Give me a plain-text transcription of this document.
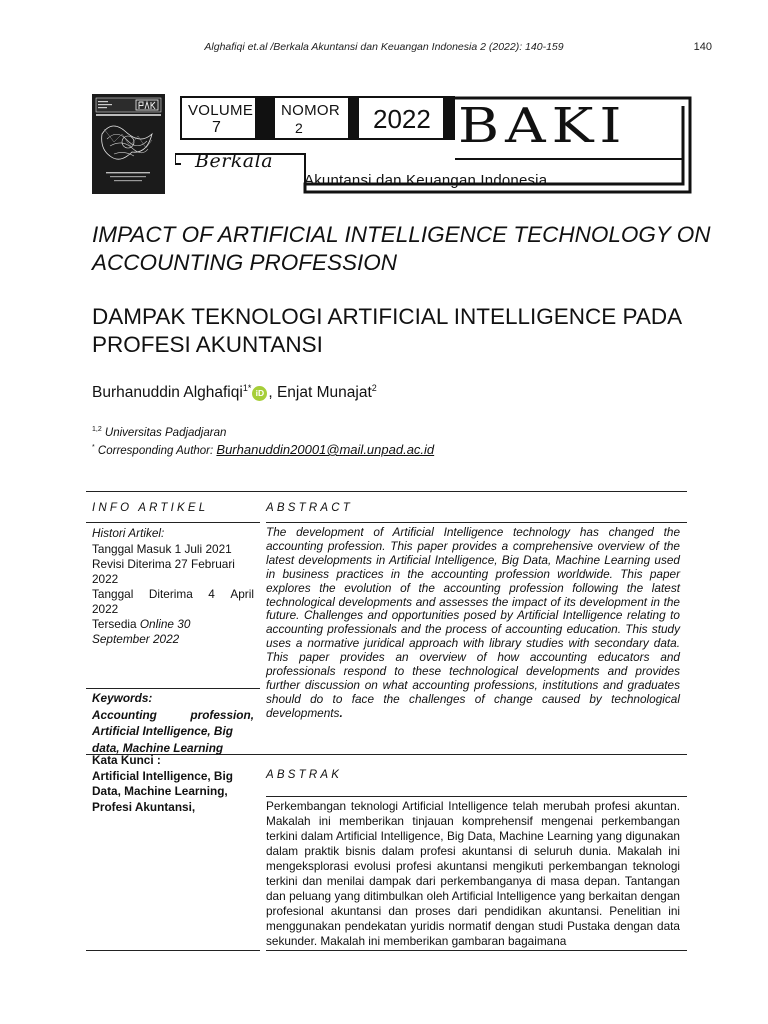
Alghafiqi et.al /Berkala Akuntansi dan Keuangan Indonesia 2 (2022): 140-159	140
VOLUME
7
NOMOR
2	2022 BAKI
Berkala
Akuntansi dan Keuangan Indonesia
IMPACT OF ARTIFICIAL INTELLIGENCE TECHNOLOGY ON ACCOUNTING PROFESSION
DAMPAK TEKNOLOGI ARTIFICIAL INTELLIGENCE PADA PROFESI AKUNTANSI
Burhanuddin Alghafiqi$^{1*}$iD , Enjat Munajat$^2$
$^{1,2}$ Universitas Padjadjaran
* Corresponding Author: Burhanuddin20001@mail.unpad.ac.id
INFO ARTIKEL	ABSTRACT
Histori Artikel:
Tanggal Masuk 1 Juli 2021
Revisi Diterima 27 Februari
2022
Tanggal Diterima 4 April
2022
Tersedia Online 30
September 2022
Keywords:
Accounting	profession,
Artificial Intelligence, Big
data, Machine Learning
Kata Kunci :
Artificial Intelligence, Big
Data, Machine Learning,
Profesi Akuntansi,
The development of Artificial Intelligence technology has changed the accounting profession. This paper provides a comprehensive overview of the latest developments in Artificial Intelligence, Big Data, Machine Learning used in business practices in the accounting profession worldwide. This paper explores the evolution of the accounting profession following the latest technological developments and assesses the impact of its development in the future. Challenges and opportunities posed by Artificial Intelligence relating to accounting professionals and the process of accounting education. This study uses a normative juridical approach with library studies with secondary data. This paper provides an overview of how accounting educators and professionals respond to these technological developments and provides further discussion on what accounting professions, institutions and graduates should do to face the challenges of change caused by technological developments.
ABSTRAK
Perkembangan teknologi Artificial Intelligence telah merubah profesi akuntan. Makalah ini memberikan tinjauan komprehensif mengenai perkembangan terkini dalam Artificial Intelligence, Big Data, Machine Learning yang digunakan dalam praktik bisnis dalam profesi akuntansi di seluruh dunia. Makalah ini mengeksplorasi evolusi profesi akuntansi mengikuti perkembangan teknologi terkini dan menilai dampak dari perkembanganya di masa depan. Tantangan dan peluang yang ditimbulkan oleh Artificial Intelligence yang berkaitan dengan profesional akuntansi dan proses dari pendidikan akuntansi. Penelitian ini menggunakan pendekatan yuridis normatif dengan studi Pustaka dengan data sekunder. Makalah ini memberikan gambaran bagaimana
